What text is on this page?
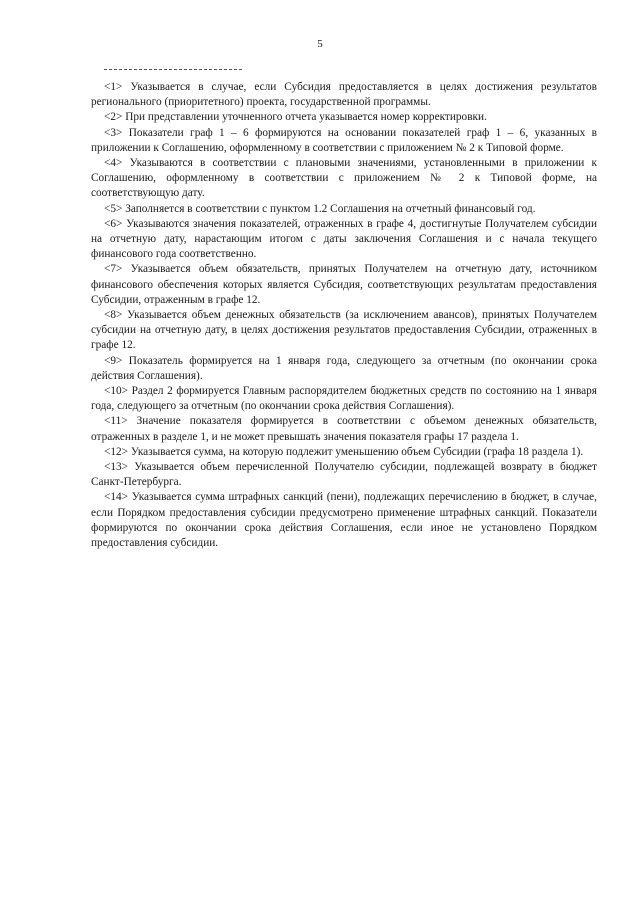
5

<1> Указывается в случае, если Субсидия предоставляется в целях достижения результатов регионального (приоритетного) проекта, государственной программы.

<2> При представлении уточненного отчета указывается номер корректировки.

<3> Показатели граф 1 – 6 формируются на основании показателей граф 1 – 6, указанных в приложении к Соглашению, оформленному в соответствии с приложением № 2 к Типовой форме.

<4> Указываются в соответствии с плановыми значениями, установленными в приложении к Соглашению, оформленному в соответствии с приложением № 2 к Типовой форме, на соответствующую дату.

<5> Заполняется в соответствии с пунктом 1.2 Соглашения на отчетный финансовый год.

<6> Указываются значения показателей, отраженных в графе 4, достигнутые Получателем субсидии на отчетную дату, нарастающим итогом с даты заключения Соглашения и с начала текущего финансового года соответственно.

<7> Указывается объем обязательств, принятых Получателем на отчетную дату, источником финансового обеспечения которых является Субсидия, соответствующих результатам предоставления Субсидии, отраженным в графе 12.

<8> Указывается объем денежных обязательств (за исключением авансов), принятых Получателем субсидии на отчетную дату, в целях достижения результатов предоставления Субсидии, отраженных в графе 12.

<9> Показатель формируется на 1 января года, следующего за отчетным (по окончании срока действия Соглашения).

<10> Раздел 2 формируется Главным распорядителем бюджетных средств по состоянию на 1 января года, следующего за отчетным (по окончании срока действия Соглашения).

<11> Значение показателя формируется в соответствии с объемом денежных обязательств, отраженных в разделе 1, и не может превышать значения показателя графы 17 раздела 1.

<12> Указывается сумма, на которую подлежит уменьшению объем Субсидии (графа 18 раздела 1).

<13> Указывается объем перечисленной Получателю субсидии, подлежащей возврату в бюджет Санкт-Петербурга.

<14> Указывается сумма штрафных санкций (пени), подлежащих перечислению в бюджет, в случае, если Порядком предоставления субсидии предусмотрено применение штрафных санкций. Показатели формируются по окончании срока действия Соглашения, если иное не установлено Порядком предоставления субсидии.
